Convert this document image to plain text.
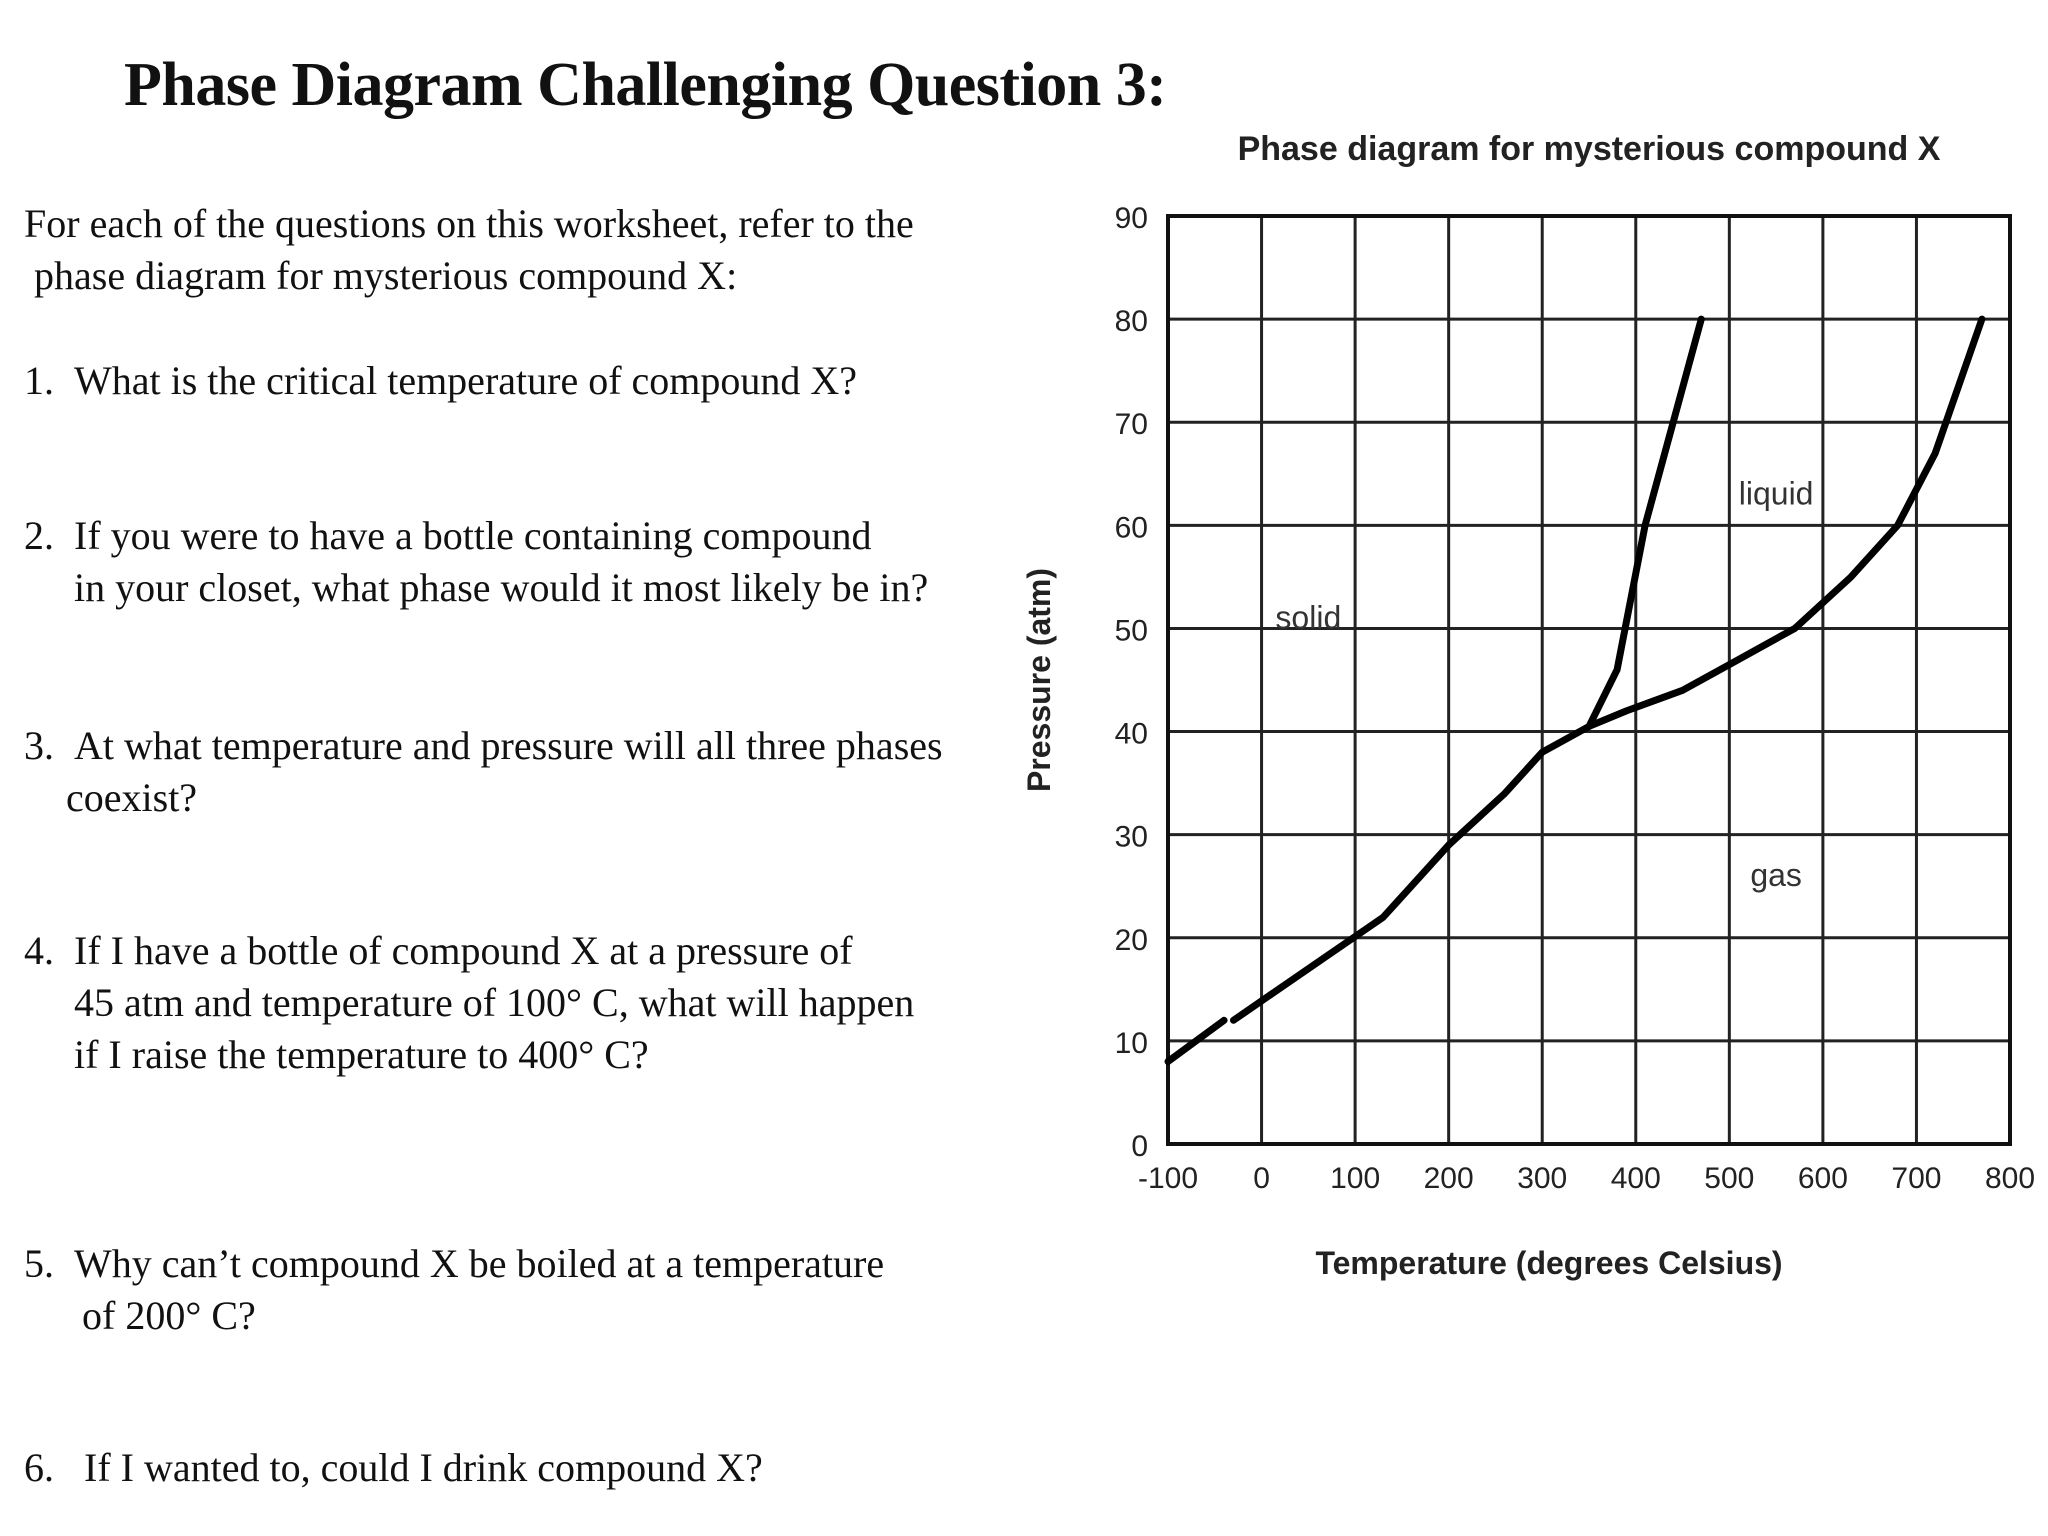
Phase Diagram Challenging Question 3:

For each of the questions on this worksheet, refer to the
phase diagram for mysterious compound X:

1. What is the critical temperature of compound X?

2. If you were to have a bottle containing compound
in your closet, what phase would it most likely be in?

3. At what temperature and pressure will all three phases
coexist?

4. If I have a bottle of compound X at a pressure of
45 atm and temperature of 100° C, what will happen
if I raise the temperature to 400° C?

5. Why can’t compound X be boiled at a temperature
of 200° C?

6. If I wanted to, could I drink compound X?

Phase diagram for mysterious compound X
-100 0 100 200 300 400 500 600 700 800
0
10
20
30
40
50
60
70
80
90
Temperature (degrees Celsius)
Pressure (atm)	solid
liquid
gas
